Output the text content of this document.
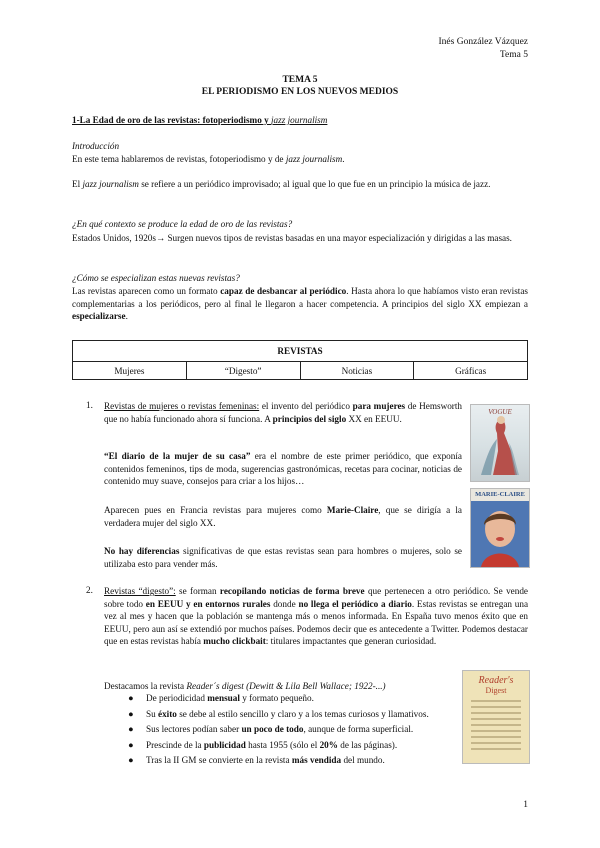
Inés González Vázquez
Tema 5
TEMA 5
EL PERIODISMO EN LOS NUEVOS MEDIOS
1-La Edad de oro de las revistas: fotoperiodismo y jazz journalism
Introducción
En este tema hablaremos de revistas, fotoperiodismo y de jazz journalism.
El jazz journalism se refiere a un periódico improvisado; al igual que lo que fue en un principio la música de jazz.
¿En qué contexto se produce la edad de oro de las revistas?
Estados Unidos, 1920s→ Surgen nuevos tipos de revistas basadas en una mayor especialización y dirigidas a las masas.
¿Cómo se especializan estas nuevas revistas?
Las revistas aparecen como un formato capaz de desbancar al periódico. Hasta ahora lo que habíamos visto eran revistas complementarias a los periódicos, pero al final le llegaron a hacer competencia. A principios del siglo XX empiezan a especializarse.
REVISTAS
Mujeres	“Digesto”	Noticias	Gráficas
1. Revistas de mujeres o revistas femeninas: el invento del periódico para mujeres de Hemsworth que no había funcionado ahora sí funciona. A principios del siglo XX en EEUU.
“El diario de la mujer de su casa” era el nombre de este primer periódico, que exponía contenidos femeninos, tips de moda, sugerencias gastronómicas, recetas para cocinar, noticias de contenido muy suave, consejos para criar a los hijos…
Aparecen pues en Francia revistas para mujeres como Marie-Claire, que se dirigía a la verdadera mujer del siglo XX.
No hay diferencias significativas de que estas revistas sean para hombres o mujeres, solo se utilizaba esto para vender más.
VOGUE
MARIE-CLAIRE
2. Revistas “digesto”: se forman recopilando noticias de forma breve que pertenecen a otro periódico. Se vende sobre todo en EEUU y en entornos rurales donde no llega el periódico a diario. Estas revistas se entregan una vez al mes y hacen que la población se mantenga más o menos informada. En España tuvo menos éxito que en EEUU, pero aun así se extendió por muchos países. Podemos decir que es antecedente a Twitter. Podemos destacar que en estas revistas había mucho clickbait: titulares impactantes que generan curiosidad.
Destacamos la revista Reader´s digest (Dewitt & Lila Bell Wallace; 1922-...)
● De periodicidad mensual y formato pequeño.
● Su éxito se debe al estilo sencillo y claro y a los temas curiosos y llamativos.
● Sus lectores podían saber un poco de todo, aunque de forma superficial.
● Prescinde de la publicidad hasta 1955 (sólo el 20% de las páginas).
● Tras la II GM se convierte en la revista más vendida del mundo.
Reader's
Digest
1
